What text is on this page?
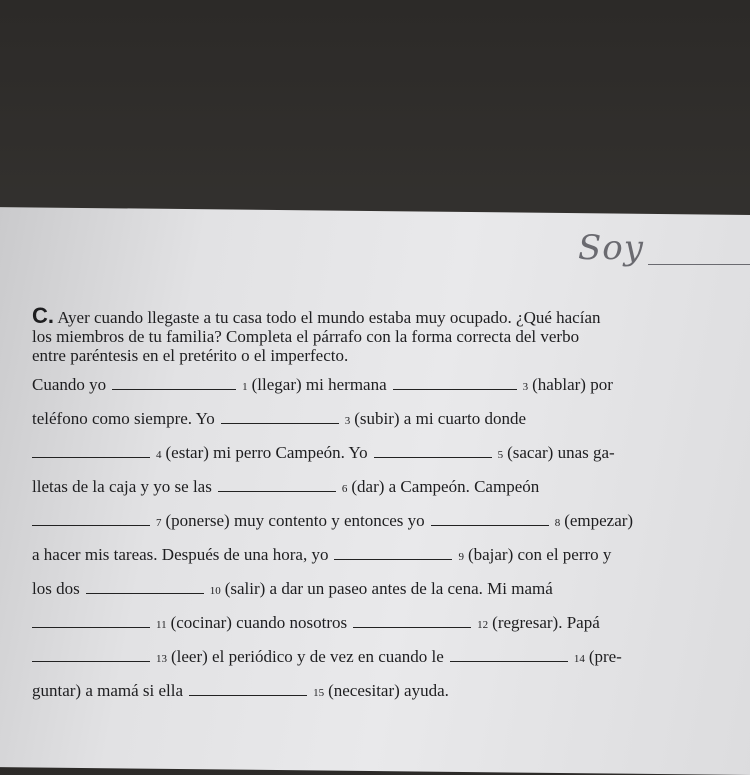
Soy

C. Ayer cuando llegaste a tu casa todo el mundo estaba muy ocupado. ¿Qué hacían
los miembros de tu familia? Completa el párrafo con la forma correcta del verbo
entre paréntesis en el pretérito o el imperfecto.

Cuando yo	1 (llegar) mi hermana	3 (hablar) por
teléfono como siempre. Yo	3 (subir) a mi cuarto donde
4 (estar) mi perro Campeón. Yo	5 (sacar) unas ga-
lletas de la caja y yo se las	6 (dar) a Campeón. Campeón
7 (ponerse) muy contento y entonces yo	8 (empezar)
a hacer mis tareas. Después de una hora, yo	9 (bajar) con el perro y
los dos	10 (salir) a dar un paseo antes de la cena. Mi mamá
11 (cocinar) cuando nosotros	12 (regresar). Papá
13 (leer) el periódico y de vez en cuando le	14 (pre-
guntar) a mamá si ella	15 (necesitar) ayuda.
